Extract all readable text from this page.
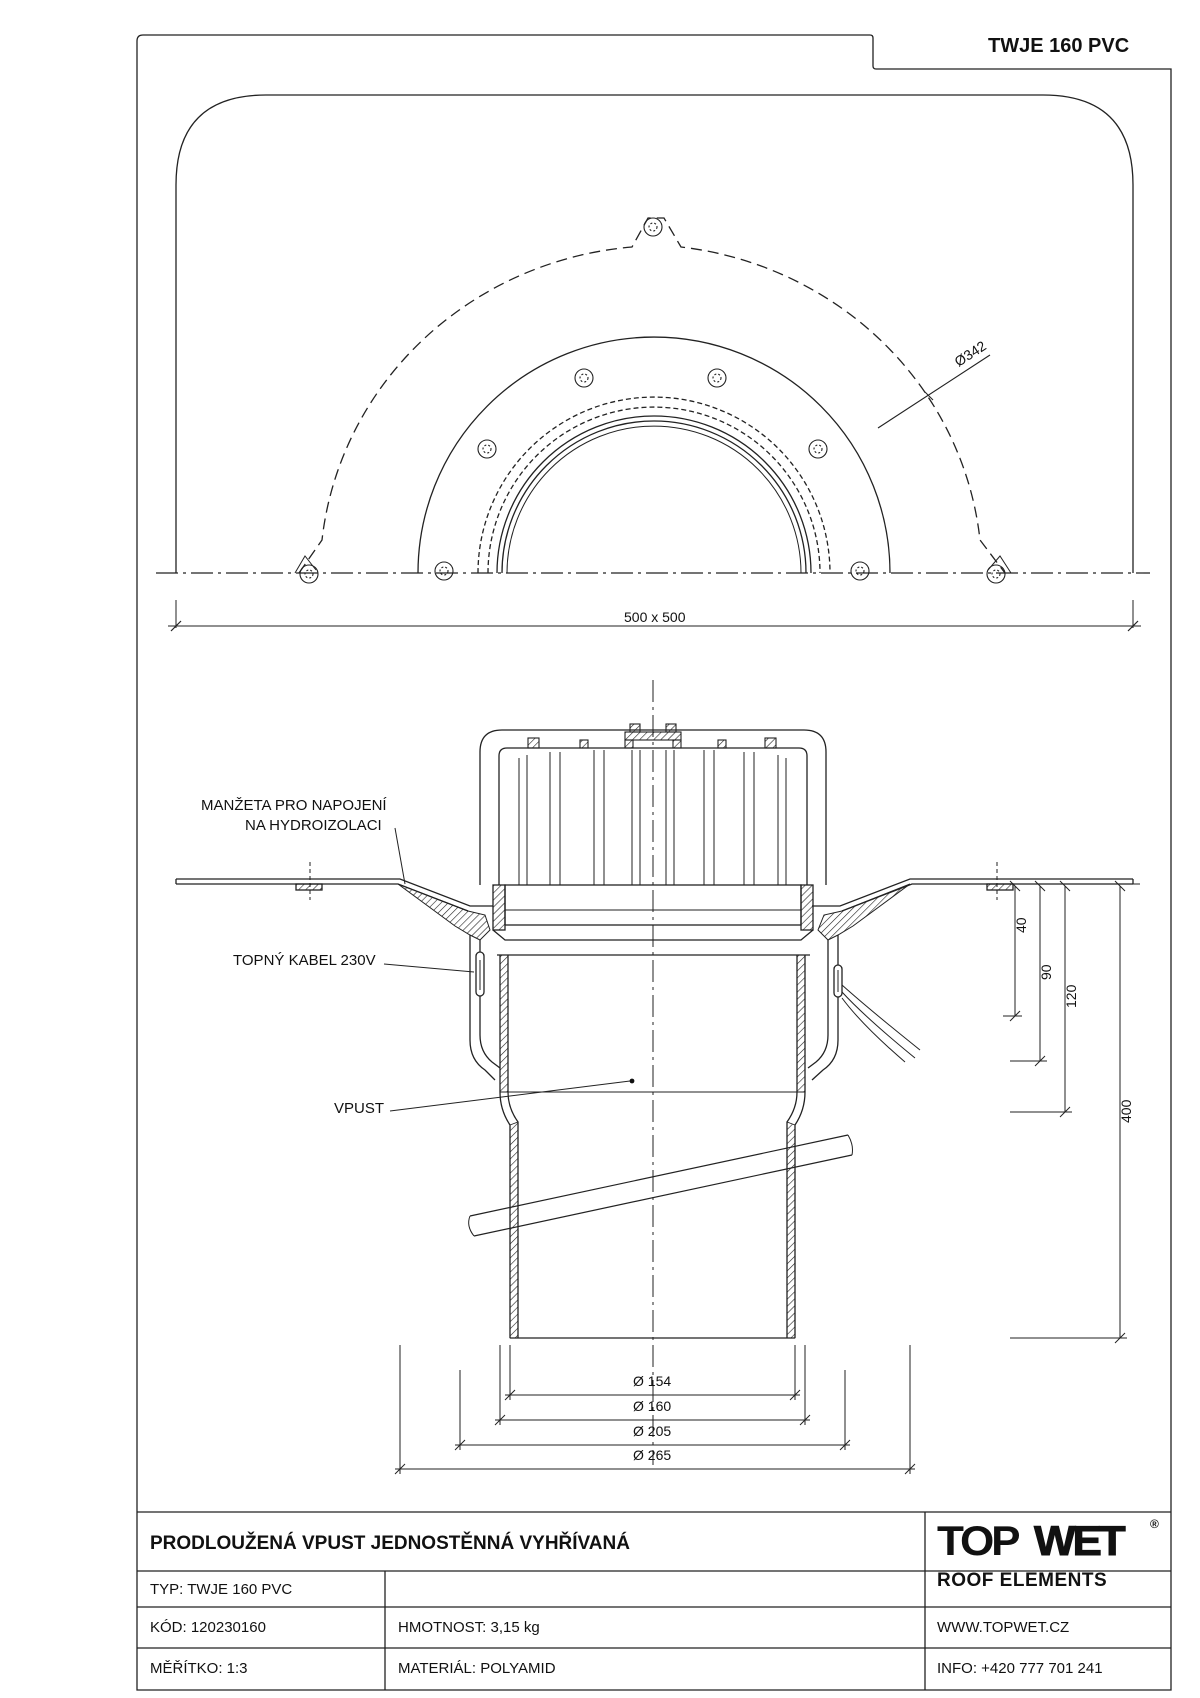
TWJE 160 PVC
Ø342
500 x 500
MANŽETA PRO NAPOJENÍ
NA HYDROIZOLACI
TOPNÝ KABEL 230V
VPUST
40
90
120
400
Ø 154
Ø 160
Ø 205
Ø 265
PRODLOUŽENÁ VPUST JEDNOSTĚNNÁ VYHŘÍVANÁ
TYP: TWJE 160 PVC
KÓD: 120230160	HMOTNOST: 3,15 kg	WWW.TOPWET.CZ
MĚŘÍTKO: 1:3	MATERIÁL: POLYAMID	INFO: +420 777 701 241
TOP WET ®
ROOF ELEMENTS
